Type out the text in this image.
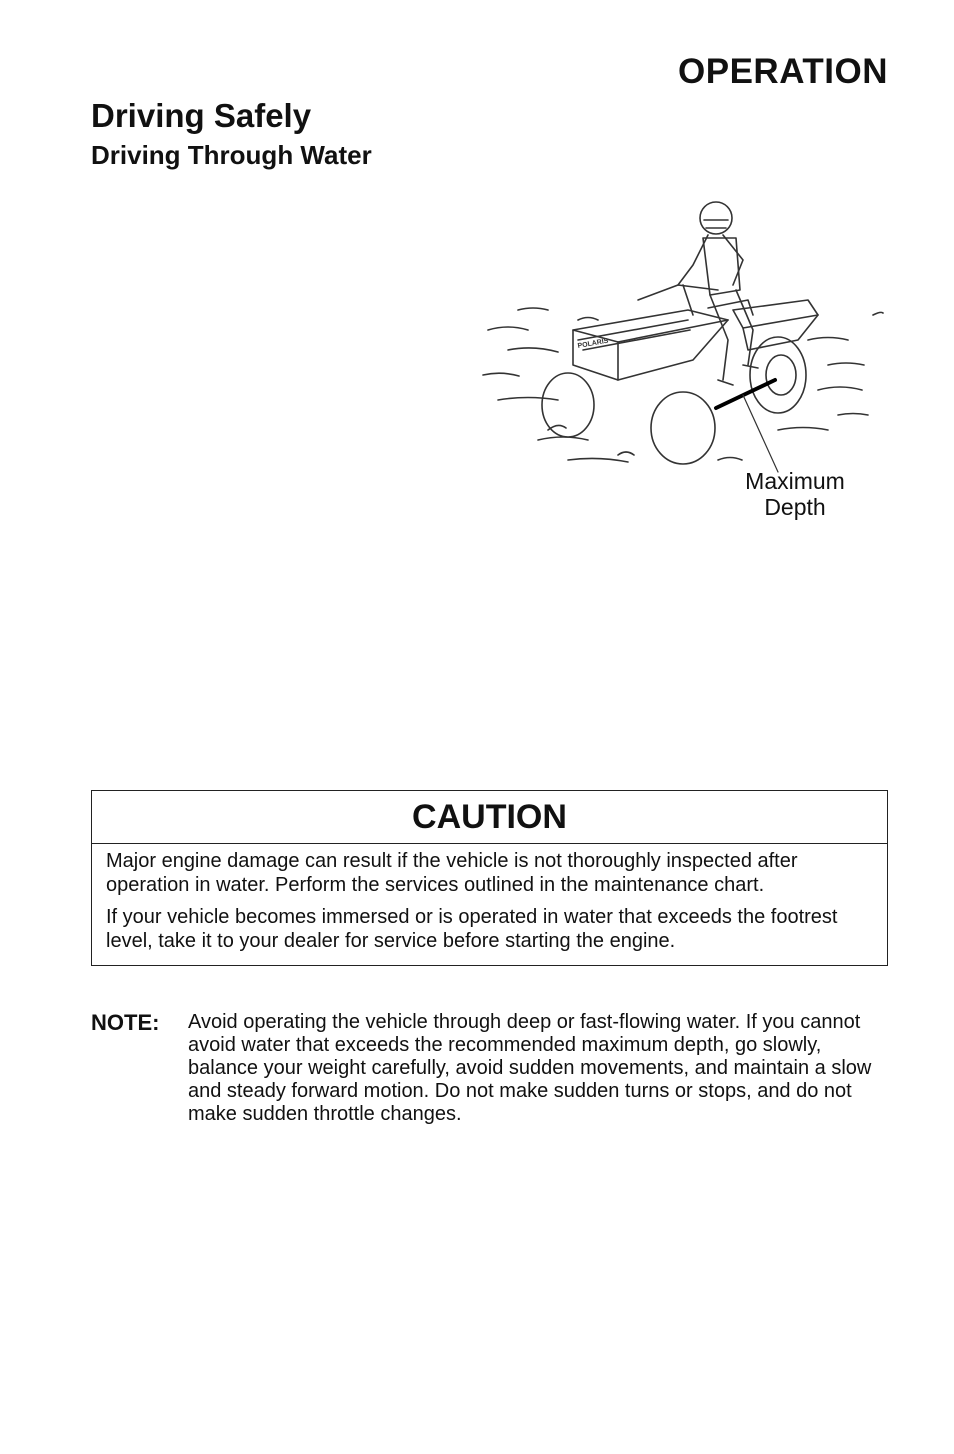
OPERATION
Driving Safely
Driving Through Water
POLARIS
Maximum
Depth
CAUTION

Major engine damage can result if the vehicle is not thoroughly inspected after operation in water. Perform the services outlined in the maintenance chart.

If your vehicle becomes immersed or is operated in water that exceeds the footrest level, take it to your dealer for service before starting the engine.

NOTE:	Avoid operating the vehicle through deep or fast-flowing water. If you cannot avoid water that exceeds the recommended maximum depth, go slowly, balance your weight carefully, avoid sudden movements, and maintain a slow and steady forward motion. Do not make sudden turns or stops, and do not make sudden throttle changes.
